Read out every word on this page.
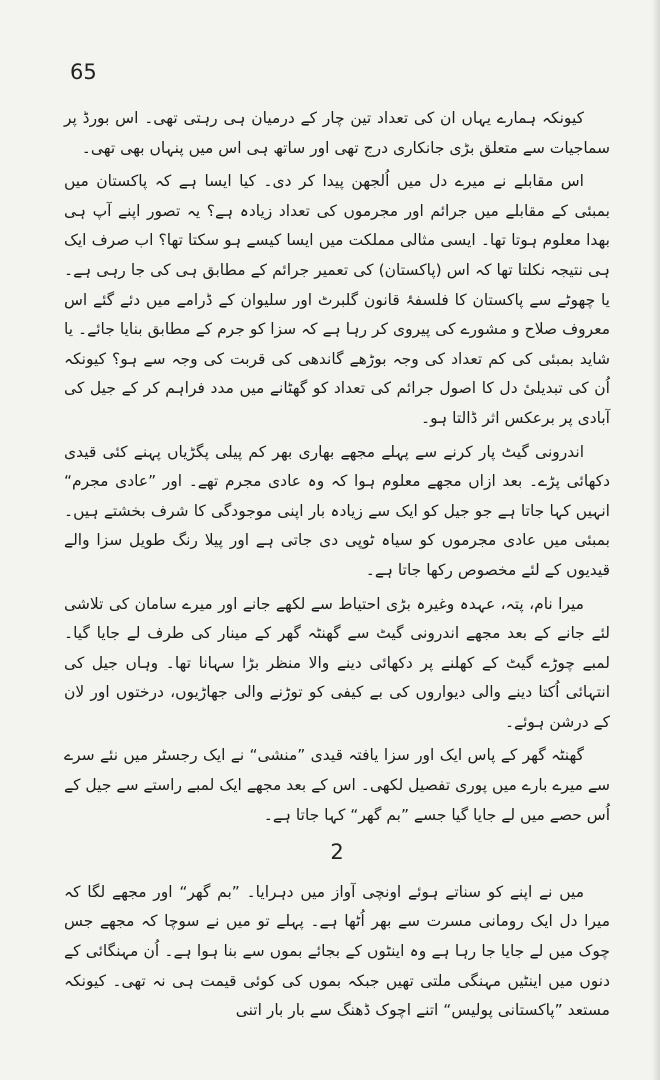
65

کیونکہ ہمارے یہاں ان کی تعداد تین چار کے درمیان ہی رہتی تھی۔ اس بورڈ پر سماجیات سے متعلق بڑی جانکاری درج تھی اور ساتھ ہی اس میں پنہاں بھی تھی۔

اس مقابلے نے میرے دل میں اُلجھن پیدا کر دی۔ کیا ایسا ہے کہ پاکستان میں بمبئی کے مقابلے میں جرائم اور مجرموں کی تعداد زیادہ ہے؟ یہ تصور اپنے آپ ہی بھدا معلوم ہوتا تھا۔ ایسی مثالی مملکت میں ایسا کیسے ہو سکتا تھا؟ اب صرف ایک ہی نتیجہ نکلتا تھا کہ اس (پاکستان) کی تعمیر جرائم کے مطابق ہی کی جا رہی ہے۔ یا چھوٹے سے پاکستان کا فلسفۂ قانون گلبرٹ اور سلیوان کے ڈرامے میں دئے گئے اس معروف صلاح و مشورے کی پیروی کر رہا ہے کہ سزا کو جرم کے مطابق بنایا جائے۔ یا شاید بمبئی کی کم تعداد کی وجہ بوڑھے گاندھی کی قربت کی وجہ سے ہو؟ کیونکہ اُن کی تبدیلیٔ دل کا اصول جرائم کی تعداد کو گھٹانے میں مدد فراہم کر کے جیل کی آبادی پر برعکس اثر ڈالتا ہو۔

اندرونی گیٹ پار کرنے سے پہلے مجھے بھاری بھر کم پیلی پگڑیاں پہنے کئی قیدی دکھائی پڑے۔ بعد ازاں مجھے معلوم ہوا کہ وہ عادی مجرم تھے۔ اور ”عادی مجرم“ انہیں کہا جاتا ہے جو جیل کو ایک سے زیادہ بار اپنی موجودگی کا شرف بخشتے ہیں۔ بمبئی میں عادی مجرموں کو سیاہ ٹوپی دی جاتی ہے اور پیلا رنگ طویل سزا والے قیدیوں کے لئے مخصوص رکھا جاتا ہے۔

میرا نام، پتہ، عہدہ وغیرہ بڑی احتیاط سے لکھے جانے اور میرے سامان کی تلاشی لئے جانے کے بعد مجھے اندرونی گیٹ سے گھنٹہ گھر کے مینار کی طرف لے جایا گیا۔ لمبے چوڑے گیٹ کے کھلنے پر دکھائی دینے والا منظر بڑا سہانا تھا۔ وہاں جیل کی انتہائی اُکتا دینے والی دیواروں کی بے کیفی کو توڑنے والی جھاڑیوں، درختوں اور لان کے درشن ہوئے۔

گھنٹہ گھر کے پاس ایک اور سزا یافتہ قیدی ”منشی“ نے ایک رجسٹر میں نئے سرے سے میرے بارے میں پوری تفصیل لکھی۔ اس کے بعد مجھے ایک لمبے راستے سے جیل کے اُس حصے میں لے جایا گیا جسے ”بم گھر“ کہا جاتا ہے۔

2

میں نے اپنے کو سناتے ہوئے اونچی آواز میں دہرایا۔ ”بم گھر“ اور مجھے لگا کہ میرا دل ایک رومانی مسرت سے بھر اُٹھا ہے۔ پہلے تو میں نے سوچا کہ مجھے جس چوک میں لے جایا جا رہا ہے وہ اینٹوں کے بجائے بموں سے بنا ہوا ہے۔ اُن مہنگائی کے دنوں میں اینٹیں مہنگی ملتی تھیں جبکہ بموں کی کوئی قیمت ہی نہ تھی۔ کیونکہ مستعد ”پاکستانی پولیس“ اتنے اچوک ڈھنگ سے بار بار اتنی
